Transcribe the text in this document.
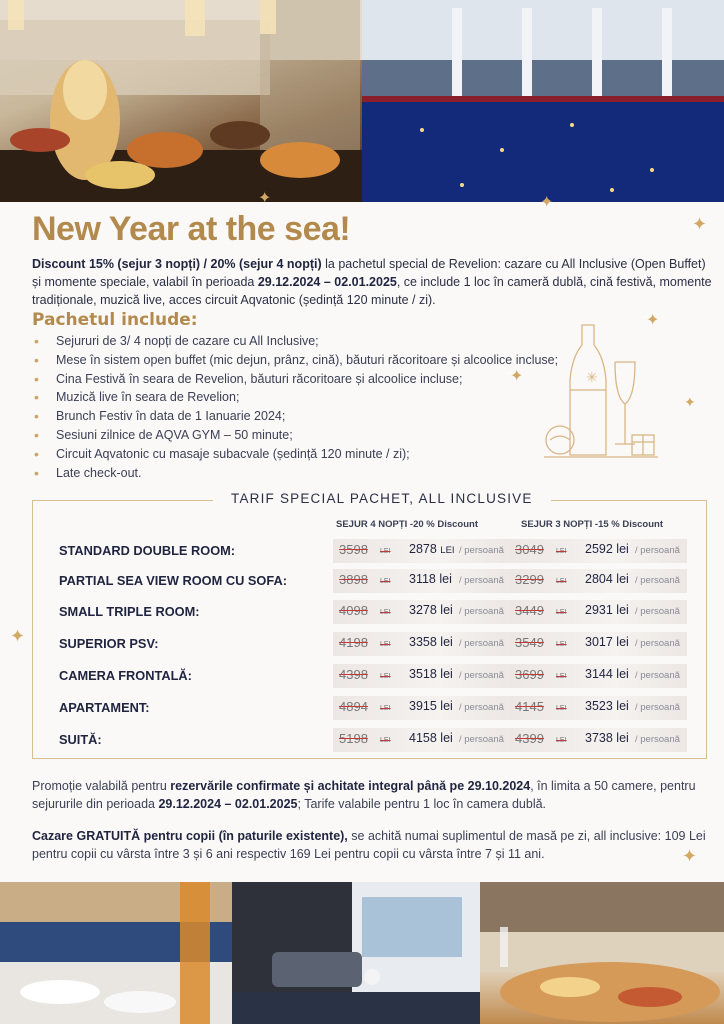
✦	✦
✦
✦
✦
✦
✦
✦
New Year at the sea!

Discount 15% (sejur 3 nopți) / 20% (sejur 4 nopți) la pachetul special de Revelion: cazare cu All Inclusive (Open Buffet) și momente speciale, valabil în perioada 29.12.2024 – 02.01.2025, ce include 1 loc în cameră dublă, cină festivă, momente tradiționale, muzică live, acces circuit Aqvatonic (ședință 120 minute / zi).

Pachetul include:
• Sejururi de 3/ 4 nopți de cazare cu All Inclusive;
• Mese în sistem open buffet (mic dejun, prânz, cină), băuturi răcoritoare și alcoolice incluse;
• Cina Festivă în seara de Revelion, băuturi răcoritoare și alcoolice incluse;
• Muzică live în seara de Revelion;
• Brunch Festiv în data de 1 Ianuarie 2024;
• Sesiuni zilnice de AQVA GYM – 50 minute;
• Circuit Aqvatonic cu masaje subacvale (ședință 120 minute / zi);
• Late check-out.
✳
TARIF SPECIAL PACHET, ALL INCLUSIVE
SEJUR 4 NOPȚI -20 % Discount	SEJUR 3 NOPȚI -15 % Discount
STANDARD DOUBLE ROOM:	3598 LEI 2878 LEI / persoană 3049 LEI 2592 lei / persoană
PARTIAL SEA VIEW ROOM CU SOFA:	3898 LEI 3118 lei / persoană 3299 LEI 2804 lei / persoană
SMALL TRIPLE ROOM:	4098 LEI 3278 lei / persoană 3449 LEI 2931 lei / persoană
SUPERIOR PSV:	4198 LEI 3358 lei / persoană 3549 LEI 3017 lei / persoană
CAMERA FRONTALĂ:	4398 LEI 3518 lei / persoană 3699 LEI 3144 lei / persoană
APARTAMENT:	4894 LEI 3915 lei / persoană 4145 LEI 3523 lei / persoană
SUITĂ:	5198 LEI 4158 lei / persoană 4399 LEI 3738 lei / persoană

Promoție valabilă pentru rezervările confirmate și achitate integral până pe 29.10.2024, în limita a 50 camere, pentru sejururile din perioada 29.12.2024 – 02.01.2025; Tarife valabile pentru 1 loc în camera dublă.

Cazare GRATUITĂ pentru copii (în paturile existente), se achită numai suplimentul de masă pe zi, all inclusive: 109 Lei pentru copii cu vârsta între 3 și 6 ani respectiv 169 Lei pentru copii cu vârsta între 7 și 11 ani.
